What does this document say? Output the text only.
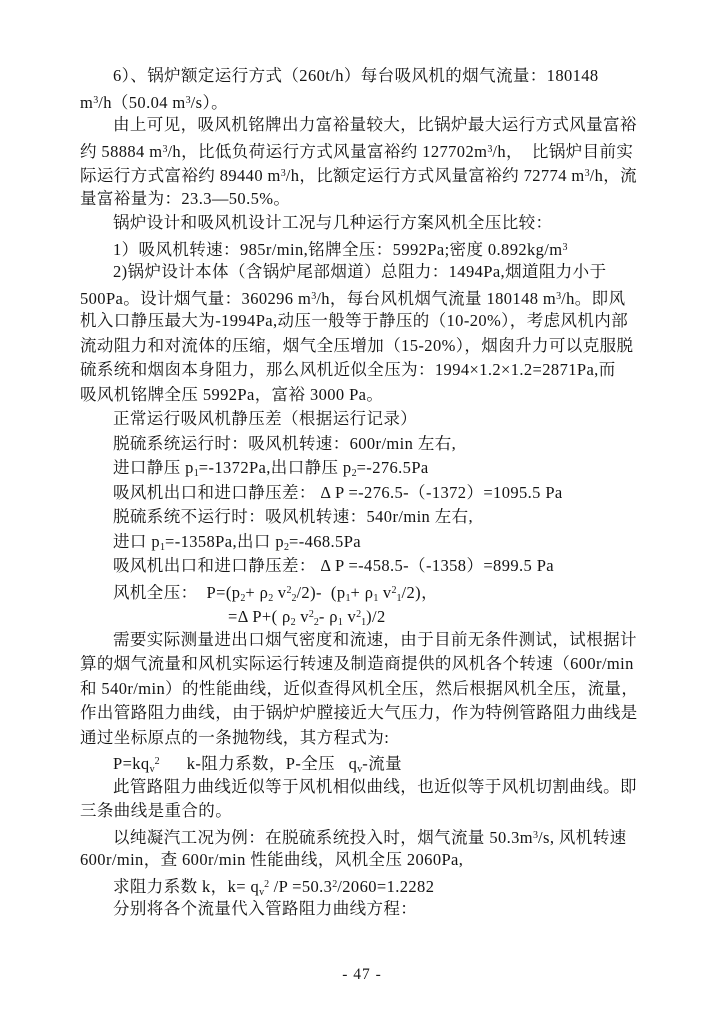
6）、锅炉额定运行方式（260t/h）每台吸风机的烟气流量：180148
$m^3/h(50.04$ $m^3/s$）。
由上可见，吸风机铭牌出力富裕量较大，比锅炉最大运行方式风量富裕
约 58884 $m^3/h$，比低负荷运行方式风量富裕约 $127702m^3/h$，  比锅炉目前实
际运行方式富裕约 89440 $m^3/h$，比额定运行方式风量富裕约 72774 $m^3/h$，流
量富裕量为：23.3—50.5%。
锅炉设计和吸风机设计工况与几种运行方案风机全压比较：
1）吸风机转速：985r/min,铭牌全压：5992Pa;密度 $0.892kg/m^3$
2)锅炉设计本体（含锅炉尾部烟道）总阻力：1494Pa,烟道阻力小于
500Pa。设计烟气量：360296 $m^3/h$，每台风机烟气流量 180148 $m^3/h$。即风
机入口静压最大为-1994Pa,动压一般等于静压的（10-20%），考虑风机内部
流动阻力和对流体的压缩，烟气全压增加（15-20%），烟囱升力可以克服脱
硫系统和烟囱本身阻力，那么风机近似全压为：1994×1.2×1.2=2871Pa,而
吸风机铭牌全压 5992Pa，富裕 3000 Pa。
正常运行吸风机静压差（根据运行记录）
脱硫系统运行时：吸风机转速：600r/min 左右,
进口静压 $p_1=-1372Pa$,出口静压 $p_2=-276.5Pa$
吸风机出口和进口静压差： Δ P =-276.5-（-1372）=1095.5 Pa
脱硫系统不运行时：吸风机转速：540r/min 左右,
进口 $p_1=-1358Pa$,出口 $p_2=-468.5Pa$
吸风机出口和进口静压差： Δ P =-458.5-（-1358）=899.5 Pa
风机全压：  $P=(p_2+ \rho_2$ $v^2_2/2)-$  ($p_1+ \rho_1$ $v^2_1/2$)，
=Δ P+( $\rho_2$ $v^2_2-$ $\rho_1$ $v^2_1)/2$
需要实际测量进出口烟气密度和流速，由于目前无条件测试，试根据计
算的烟气流量和风机实际运行转速及制造商提供的风机各个转速（600r/min
和 540r/min）的性能曲线，近似查得风机全压，然后根据风机全压，流量，
作出管路阻力曲线，由于锅炉炉膛接近大气压力，作为特例管路阻力曲线是
通过坐标原点的一条抛物线，其方程式为:
$P=kq_v^2$      k-阻力系数，P-全压   $q_v-$流量
此管路阻力曲线近似等于风机相似曲线，也近似等于风机切割曲线。即
三条曲线是重合的。
以纯凝汽工况为例：在脱硫系统投入时，烟气流量 $50.3m^3/s$, 风机转速
600r/min，查 600r/min 性能曲线，风机全压 2060Pa,
求阻力系数 k，$k= q_v^2$ $/P =50.3^2/2060=1.2282$
分别将各个流量代入管路阻力曲线方程：
- 47 -
